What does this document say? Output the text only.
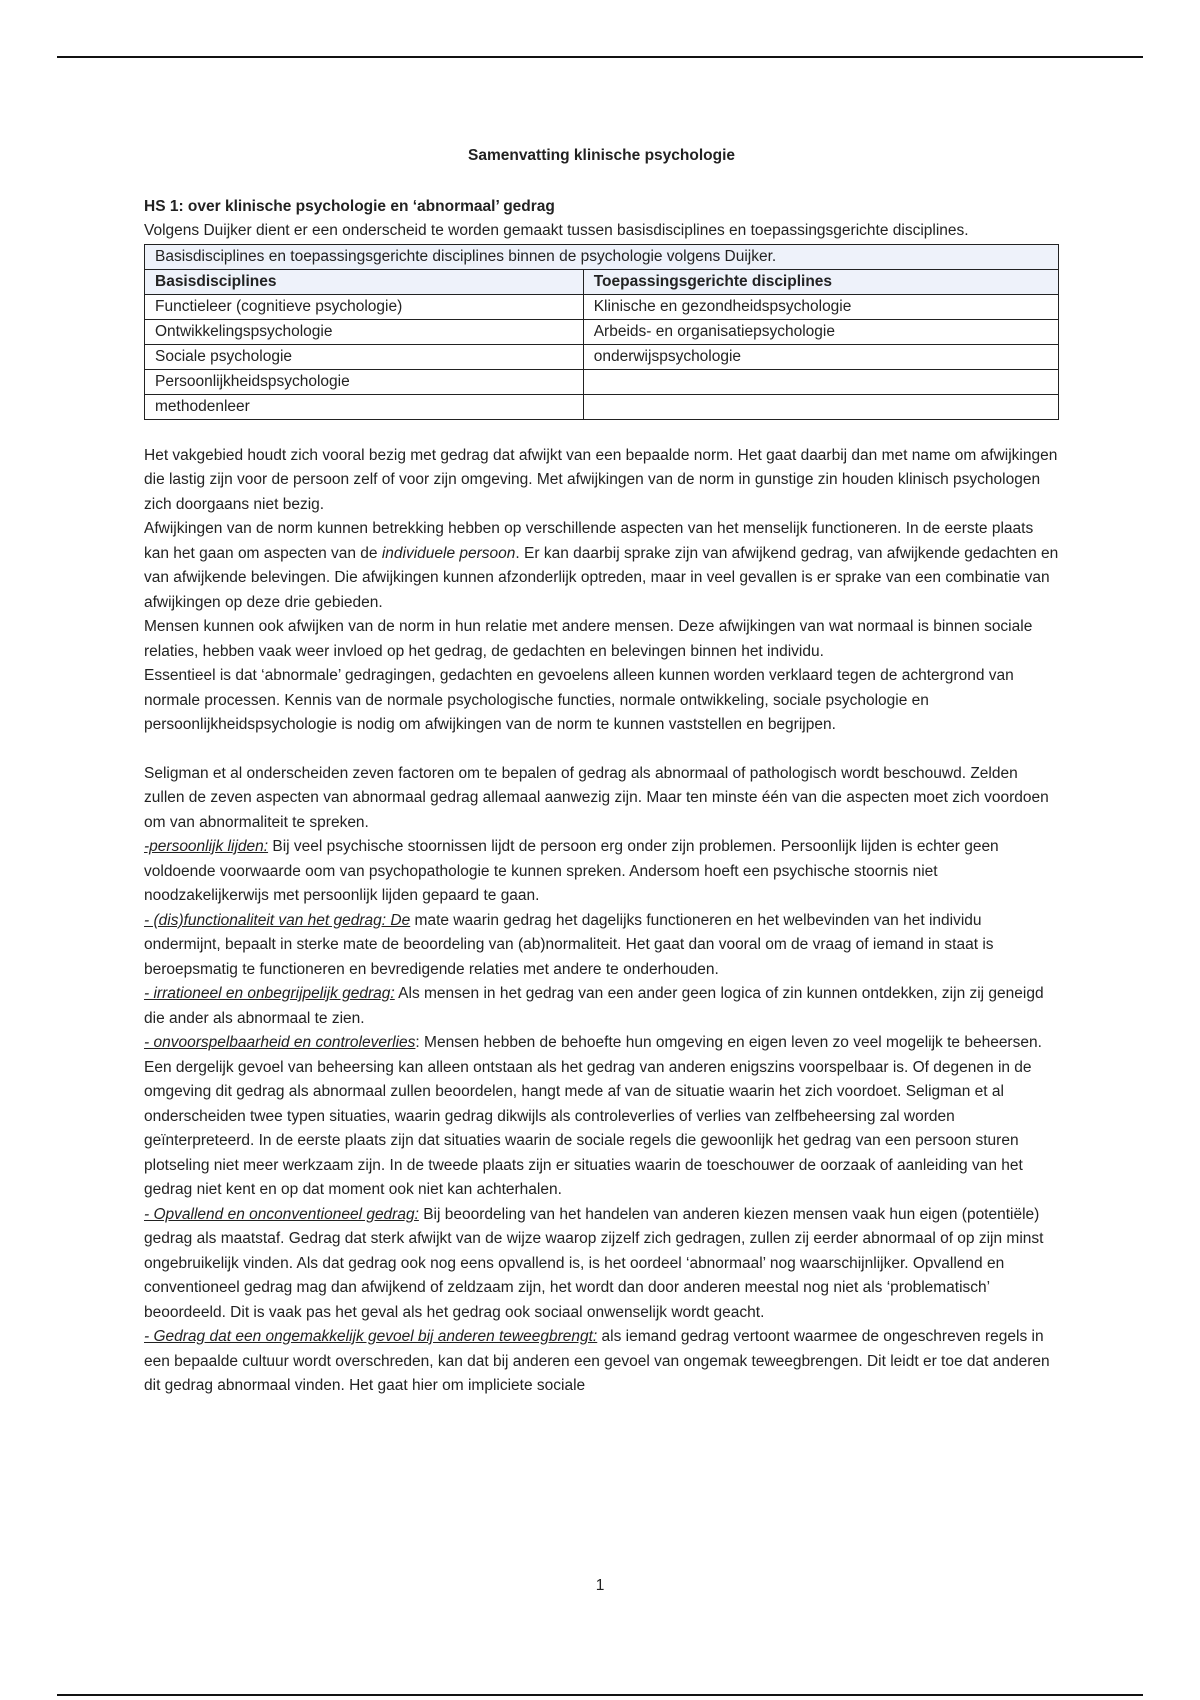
Samenvatting klinische psychologie
HS 1: over klinische psychologie en ‘abnormaal’ gedrag

Volgens Duijker dient er een onderscheid te worden gemaakt tussen basisdisciplines en toepassingsgerichte disciplines.

Basisdisciplines en toepassingsgerichte disciplines binnen de psychologie volgens Duijker.	
Basisdisciplines	Toepassingsgerichte disciplines
Functieleer (cognitieve psychologie)	Klinische en gezondheidspsychologie
Ontwikkelingspsychologie	Arbeids- en organisatiepsychologie
Sociale psychologie	onderwijspsychologie
Persoonlijkheidspsychologie	
methodenleer	

Het vakgebied houdt zich vooral bezig met gedrag dat afwijkt van een bepaalde norm. Het gaat daarbij dan met name om afwijkingen die lastig zijn voor de persoon zelf of voor zijn omgeving. Met afwijkingen van de norm in gunstige zin houden klinisch psychologen zich doorgaans niet bezig.

Afwijkingen van de norm kunnen betrekking hebben op verschillende aspecten van het menselijk functioneren. In de eerste plaats kan het gaan om aspecten van de individuele persoon. Er kan daarbij sprake zijn van afwijkend gedrag, van afwijkende gedachten en van afwijkende belevingen. Die afwijkingen kunnen afzonderlijk optreden, maar in veel gevallen is er sprake van een combinatie van afwijkingen op deze drie gebieden.

Mensen kunnen ook afwijken van de norm in hun relatie met andere mensen. Deze afwijkingen van wat normaal is binnen sociale relaties, hebben vaak weer invloed op het gedrag, de gedachten en belevingen binnen het individu.

Essentieel is dat ‘abnormale’ gedragingen, gedachten en gevoelens alleen kunnen worden verklaard tegen de achtergrond van normale processen. Kennis van de normale psychologische functies, normale ontwikkeling, sociale psychologie en persoonlijkheidspsychologie is nodig om afwijkingen van de norm te kunnen vaststellen en begrijpen.

Seligman et al onderscheiden zeven factoren om te bepalen of gedrag als abnormaal of pathologisch wordt beschouwd. Zelden zullen de zeven aspecten van abnormaal gedrag allemaal aanwezig zijn. Maar ten minste één van die aspecten moet zich voordoen om van abnormaliteit te spreken.

-persoonlijk lijden: Bij veel psychische stoornissen lijdt de persoon erg onder zijn problemen. Persoonlijk lijden is echter geen voldoende voorwaarde oom van psychopathologie te kunnen spreken. Andersom hoeft een psychische stoornis niet noodzakelijkerwijs met persoonlijk lijden gepaard te gaan.

- (dis)functionaliteit van het gedrag: De mate waarin gedrag het dagelijks functioneren en het welbevinden van het individu ondermijnt, bepaalt in sterke mate de beoordeling van (ab)normaliteit. Het gaat dan vooral om de vraag of iemand in staat is beroepsmatig te functioneren en bevredigende relaties met andere te onderhouden.

- irrationeel en onbegrijpelijk gedrag: Als mensen in het gedrag van een ander geen logica of zin kunnen ontdekken, zijn zij geneigd die ander als abnormaal te zien.

- onvoorspelbaarheid en controleverlies: Mensen hebben de behoefte hun omgeving en eigen leven zo veel mogelijk te beheersen. Een dergelijk gevoel van beheersing kan alleen ontstaan als het gedrag van anderen enigszins voorspelbaar is. Of degenen in de omgeving dit gedrag als abnormaal zullen beoordelen, hangt mede af van de situatie waarin het zich voordoet. Seligman et al onderscheiden twee typen situaties, waarin gedrag dikwijls als controleverlies of verlies van zelfbeheersing zal worden geïnterpreteerd. In de eerste plaats zijn dat situaties waarin de sociale regels die gewoonlijk het gedrag van een persoon sturen plotseling niet meer werkzaam zijn. In de tweede plaats zijn er situaties waarin de toeschouwer de oorzaak of aanleiding van het gedrag niet kent en op dat moment ook niet kan achterhalen.

- Opvallend en onconventioneel gedrag: Bij beoordeling van het handelen van anderen kiezen mensen vaak hun eigen (potentiële) gedrag als maatstaf. Gedrag dat sterk afwijkt van de wijze waarop zijzelf zich gedragen, zullen zij eerder abnormaal of op zijn minst ongebruikelijk vinden. Als dat gedrag ook nog eens opvallend is, is het oordeel ‘abnormaal’ nog waarschijnlijker. Opvallend en conventioneel gedrag mag dan afwijkend of zeldzaam zijn, het wordt dan door anderen meestal nog niet als ‘problematisch’ beoordeeld. Dit is vaak pas het geval als het gedrag ook sociaal onwenselijk wordt geacht.

- Gedrag dat een ongemakkelijk gevoel bij anderen teweegbrengt: als iemand gedrag vertoont waarmee de ongeschreven regels in een bepaalde cultuur wordt overschreden, kan dat bij anderen een gevoel van ongemak teweegbrengen. Dit leidt er toe dat anderen dit gedrag abnormaal vinden. Het gaat hier om impliciete sociale

1
